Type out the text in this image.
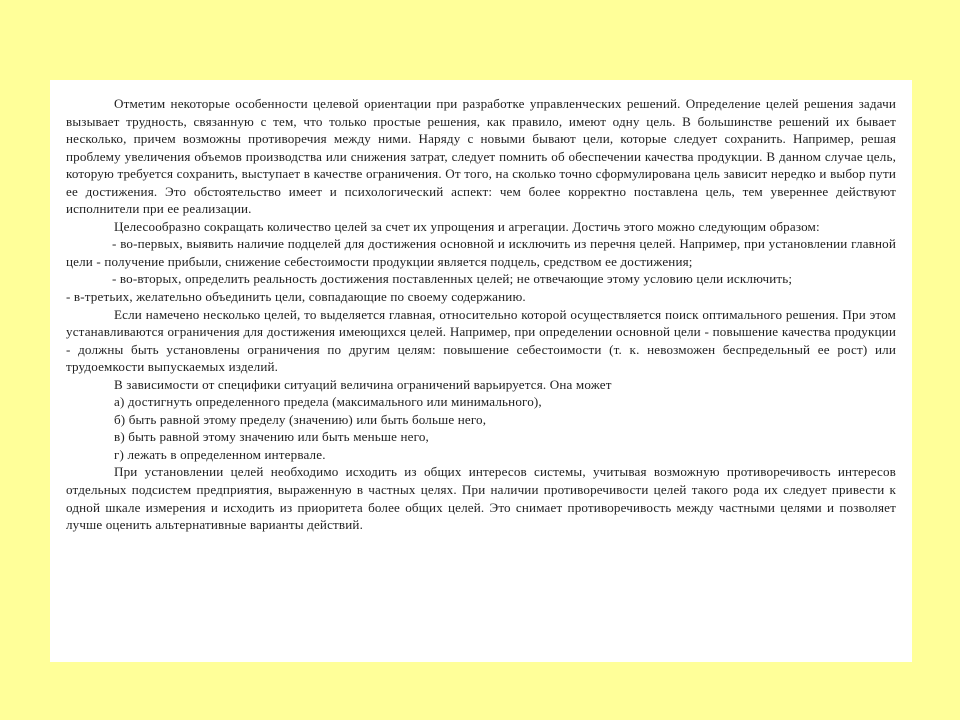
Отметим некоторые особенности целевой ориентации при разработке управленческих решений. Определение целей решения задачи вызывает трудность, связанную с тем, что только простые решения, как правило, имеют одну цель. В большинстве решений их бывает несколько, причем возможны противоречия между ними. Наряду с новыми бывают цели, которые следует сохранить. Например, решая проблему увеличения объемов производства или снижения затрат, следует помнить об обеспечении качества продукции. В данном случае цель, которую требуется сохранить, выступает в качестве ограничения. От того, на сколько точно сформулирована цель зависит нередко и выбор пути ее достижения. Это обстоятельство имеет и психологический аспект: чем более корректно поставлена цель, тем увереннее действуют исполнители при ее реализации.

Целесообразно сокращать количество целей за счет их упрощения и агрегации. Достичь этого можно следующим образом:

- во-первых, выявить наличие подцелей для достижения основной и исключить из перечня целей. Например, при установлении главной цели - получение прибыли, снижение себестоимости продукции является подцель, средством ее достижения;

- во-вторых, определить реальность достижения поставленных целей; не отвечающие этому условию цели исключить;

- в-третьих, желательно объединить цели, совпадающие по своему содержанию.

Если намечено несколько целей, то выделяется главная, относительно которой осуществляется поиск оптимального решения. При этом устанавливаются ограничения для достижения имеющихся целей. Например, при определении основной цели - повышение качества продукции - должны быть установлены ограничения по другим целям: повышение себестоимости (т. к. невозможен беспредельный ее рост) или трудоемкости выпускаемых изделий.

В зависимости от специфики ситуаций величина ограничений варьируется. Она может

а) достигнуть определенного предела (максимального или минимального),

б) быть равной этому пределу (значению) или быть больше него,

в) быть равной этому значению или быть меньше него,

г) лежать в определенном интервале.

При установлении целей необходимо исходить из общих интересов системы, учитывая возможную противоречивость интересов отдельных подсистем предприятия, выраженную в частных целях. При наличии противоречивости целей такого рода их следует привести к одной шкале измерения и исходить из приоритета более общих целей. Это снимает противоречивость между частными целями и позволяет лучше оценить альтернативные варианты действий.
